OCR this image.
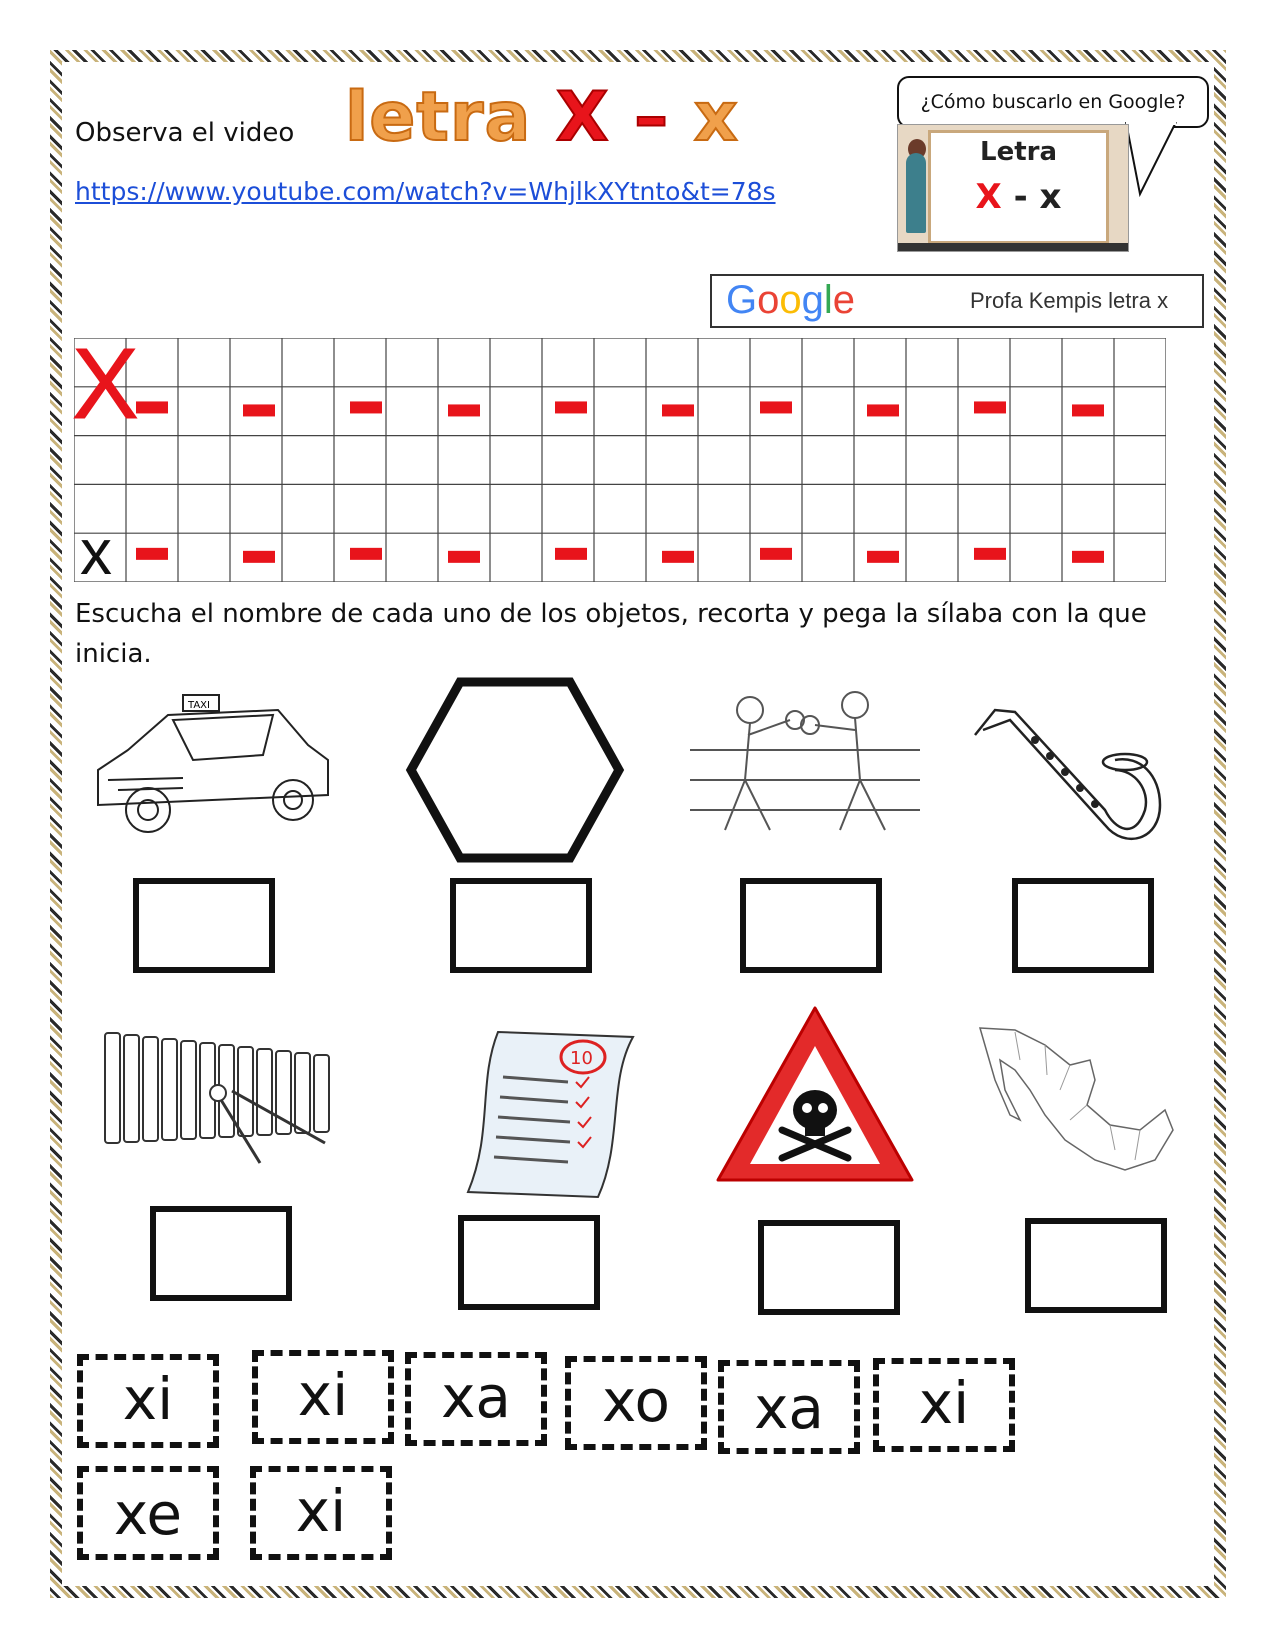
Observa el video letra X – x
https://www.youtube.com/watch?v=WhjlkXYtnto&t=78s
¿Cómo buscarlo en Google?
Letra
X - x
Google	Profa Kempis letra x
X
x
Escucha el nombre de cada uno de los objetos, recorta y pega la sílaba con la que inicia.
TAXI
10
xi	xi	xa	xo	xa	xi
xe	xi
